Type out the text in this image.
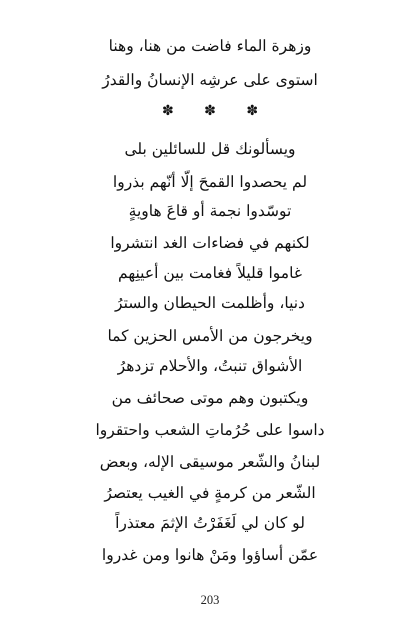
وزهرة الماء فاضت من هنا، وهنا
استوى على عرشِه الإنسانُ والقدرُ
✽ ✽ ✽
ويسألونك قل للسائلين بلى
لم يحصدوا القمحَ إلّا أنّهم بذروا
توسّدوا نجمة أو قاعَ هاويةٍ
لكنهم في فضاءات الغد انتشروا
غاموا قليلاً فغامت بين أعينِهم
دنيا، وأظلمت الحيطان والسترُ
ويخرجون من الأمس الحزين كما
الأشواق تنبتُ، والأحلام تزدهرُ
ويكتبون وهم موتى صحائف من
داسوا على حُرُماتِ الشعب واحتقروا
لبنانُ والشّعر موسيقى الإله، وبعض
الشّعر من كرمةٍ في الغيب يعتصرُ
لو كان لي لَغَفَرْتُ الإثمَ معتذراً
عمّن أساؤوا ومَنْ هانوا ومن غدروا
203
